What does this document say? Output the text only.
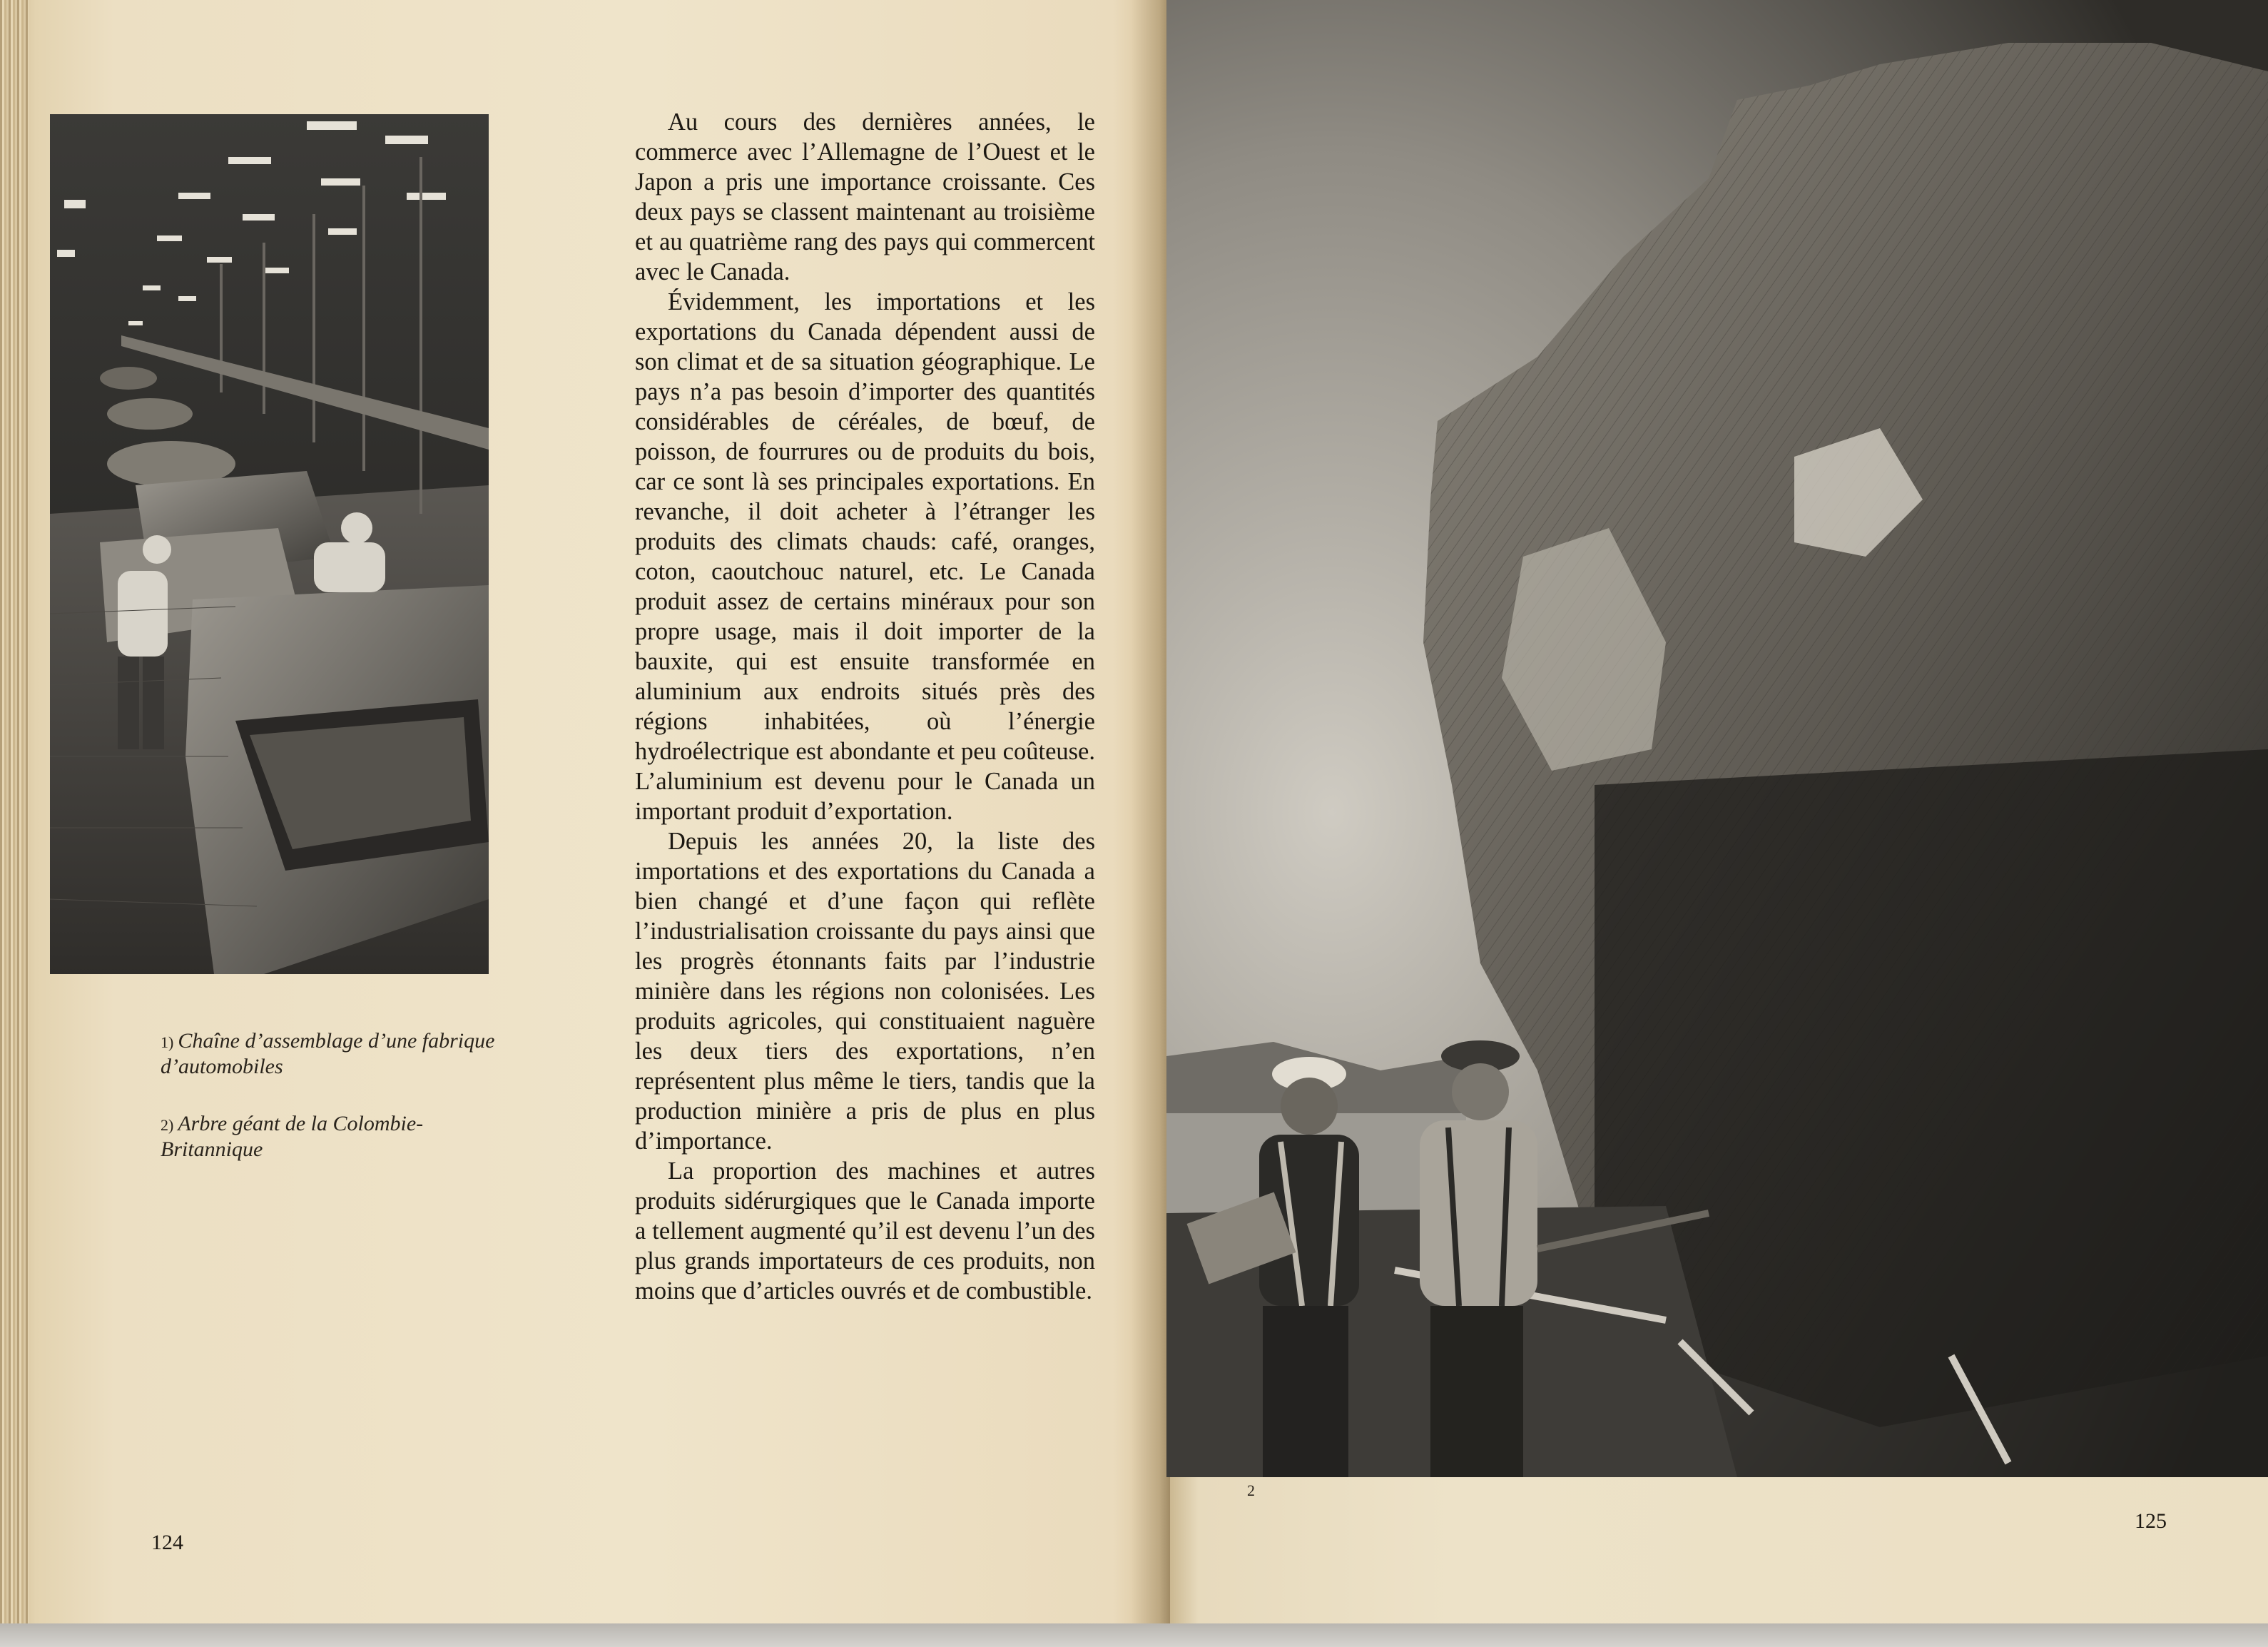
1) Chaîne d’assemblage d’une fabrique d’automobiles
2) Arbre géant de la Colombie-Britannique

Au cours des dernières années, le commerce avec l’Allemagne de l’Ouest et le Japon a pris une importance croissante. Ces deux pays se classent maintenant au troisième et au quatrième rang des pays qui commercent avec le Canada.

Évidemment, les importations et les exportations du Canada dépendent aussi de son climat et de sa situation géographique. Le pays n’a pas besoin d’importer des quantités considérables de céréales, de bœuf, de poisson, de fourrures ou de produits du bois, car ce sont là ses principales exportations. En revanche, il doit acheter à l’étranger les produits des climats chauds: café, oranges, coton, caoutchouc naturel, etc. Le Canada produit assez de certains minéraux pour son propre usage, mais il doit importer de la bauxite, qui est ensuite transformée en aluminium aux endroits situés près des régions inhabitées, où l’énergie hydroélectrique est abondante et peu coûteuse. L’aluminium est devenu pour le Canada un important produit d’exportation.

Depuis les années 20, la liste des importations et des exportations du Canada a bien changé et d’une façon qui reflète l’industrialisation croissante du pays ainsi que les progrès étonnants faits par l’industrie minière dans les régions non colonisées. Les produits agricoles, qui constituaient naguère les deux tiers des exportations, n’en représentent plus même le tiers, tandis que la production minière a pris de plus en plus d’importance.

La proportion des machines et autres produits sidérurgiques que le Canada importe a tellement augmenté qu’il est devenu l’un des plus grands importateurs de ces produits, non moins que d’articles ouvrés et de combustible.

124
2
125
